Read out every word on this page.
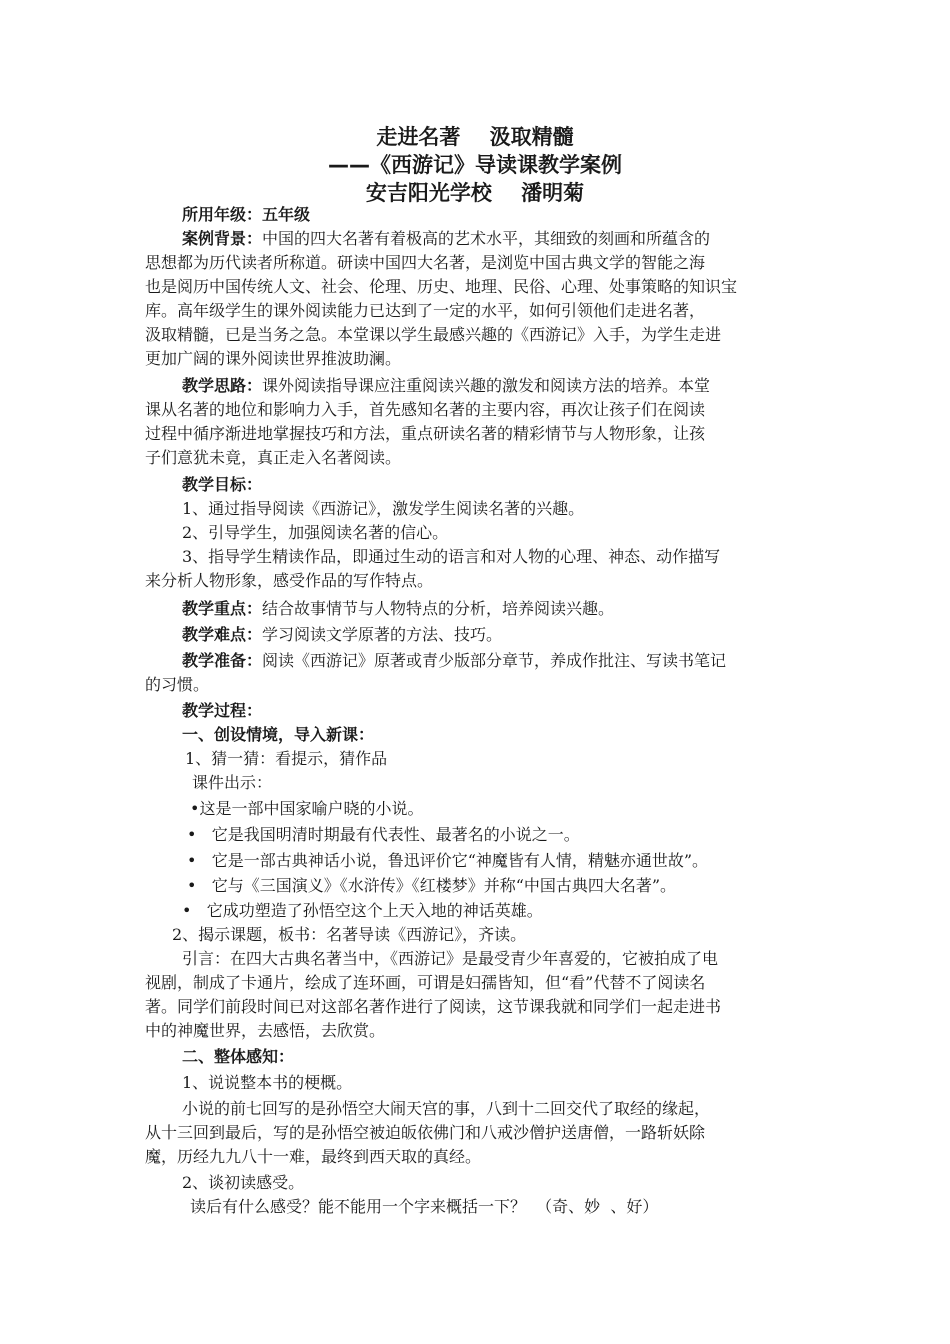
走进名著    汲取精髓
——《西游记》导读课教学案例
安吉阳光学校    潘明菊
所用年级：五年级
案例背景：中国的四大名著有着极高的艺术水平，其细致的刻画和所蕴含的
思想都为历代读者所称道。研读中国四大名著，是浏览中国古典文学的智能之海
也是阅历中国传统人文、社会、伦理、历史、地理、民俗、心理、处事策略的知识宝
库。高年级学生的课外阅读能力已达到了一定的水平，如何引领他们走进名著，
汲取精髓，已是当务之急。本堂课以学生最感兴趣的《西游记》入手，为学生走进
更加广阔的课外阅读世界推波助澜。
教学思路：课外阅读指导课应注重阅读兴趣的激发和阅读方法的培养。本堂
课从名著的地位和影响力入手，首先感知名著的主要内容，再次让孩子们在阅读
过程中循序渐进地掌握技巧和方法，重点研读名著的精彩情节与人物形象，让孩
子们意犹未竟，真正走入名著阅读。
教学目标：
1、通过指导阅读《西游记》，激发学生阅读名著的兴趣。
2、引导学生，加强阅读名著的信心。
3、指导学生精读作品，即通过生动的语言和对人物的心理、神态、动作描写
来分析人物形象，感受作品的写作特点。
教学重点：结合故事情节与人物特点的分析，培养阅读兴趣。
教学难点：学习阅读文学原著的方法、技巧。
教学准备：阅读《西游记》原著或青少版部分章节，养成作批注、写读书笔记
的习惯。
教学过程：
一、创设情境，导入新课：
1、猜一猜：看提示，猜作品
课件出示：
•这是一部中国家喻户晓的小说。
•   它是我国明清时期最有代表性、最著名的小说之一。
•   它是一部古典神话小说，鲁迅评价它“神魔皆有人情，精魅亦通世故”。
•   它与《三国演义》《水浒传》《红楼梦》并称“中国古典四大名著”。
•   它成功塑造了孙悟空这个上天入地的神话英雄。
2、揭示课题，板书：名著导读《西游记》，齐读。
引言：在四大古典名著当中，《西游记》是最受青少年喜爱的，它被拍成了电
视剧，制成了卡通片，绘成了连环画，可谓是妇孺皆知，但“看”代替不了阅读名
著。同学们前段时间已对这部名著作进行了阅读，这节课我就和同学们一起走进书
中的神魔世界，去感悟，去欣赏。
二、整体感知：
1、说说整本书的梗概。
小说的前七回写的是孙悟空大闹天宫的事，八到十二回交代了取经的缘起，
从十三回到最后，写的是孙悟空被迫皈依佛门和八戒沙僧护送唐僧，一路斩妖除
魔，历经九九八十一难，最终到西天取的真经。
2、谈初读感受。
读后有什么感受？能不能用一个字来概括一下？  （奇、妙  、好）
